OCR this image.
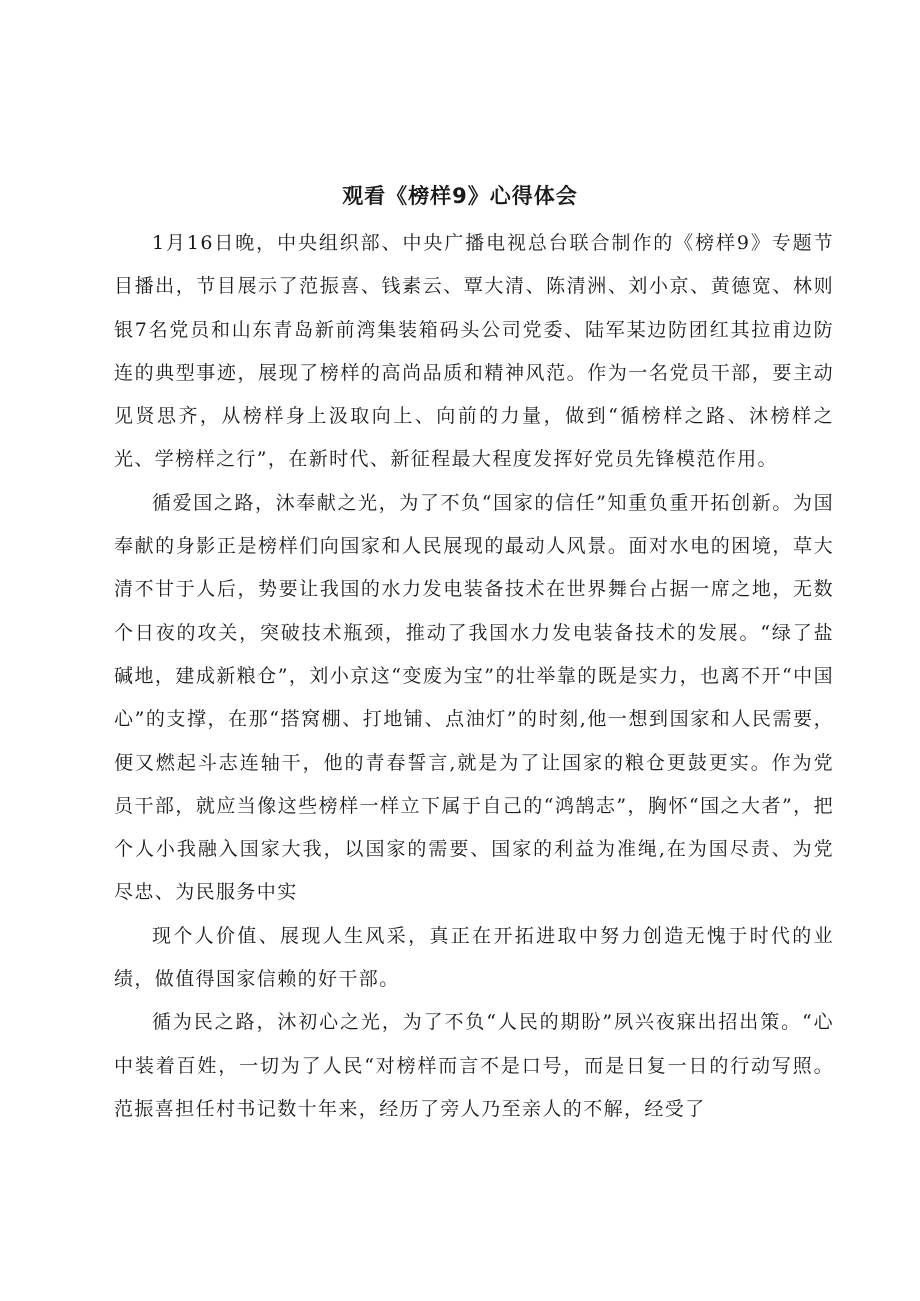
观看《榜样9》心得体会

1月16日晚，中央组织部、中央广播电视总台联合制作的《榜样9》专题节目播出，节目展示了范振喜、钱素云、覃大清、陈清洲、刘小京、黄德宽、林则银7名党员和山东青岛新前湾集装箱码头公司党委、陆军某边防团红其拉甫边防连的典型事迹，展现了榜样的高尚品质和精神风范。作为一名党员干部，要主动见贤思齐，从榜样身上汲取向上、向前的力量，做到“循榜样之路、沐榜样之光、学榜样之行”，在新时代、新征程最大程度发挥好党员先锋模范作用。

循爱国之路，沐奉献之光，为了不负“国家的信任”知重负重开拓创新。为国奉献的身影正是榜样们向国家和人民展现的最动人风景。面对水电的困境，草大清不甘于人后，势要让我国的水力发电装备技术在世界舞台占据一席之地，无数个日夜的攻关，突破技术瓶颈，推动了我国水力发电装备技术的发展。“绿了盐碱地，建成新粮仓”，刘小京这“变废为宝”的壮举靠的既是实力，也离不开“中国心”的支撑，在那“搭窝棚、打地铺、点油灯”的时刻,他一想到国家和人民需要，便又燃起斗志连轴干，他的青春誓言,就是为了让国家的粮仓更鼓更实。作为党员干部，就应当像这些榜样一样立下属于自己的“鸿鹄志”，胸怀“国之大者”，把个人小我融入国家大我，以国家的需要、国家的利益为准绳,在为国尽责、为党尽忠、为民服务中实

现个人价值、展现人生风采，真正在开拓进取中努力创造无愧于时代的业绩，做值得国家信赖的好干部。

循为民之路，沐初心之光，为了不负“人民的期盼”夙兴夜寐出招出策。“心中装着百姓，一切为了人民“对榜样而言不是口号，而是日复一日的行动写照。范振喜担任村书记数十年来，经历了旁人乃至亲人的不解，经受了
